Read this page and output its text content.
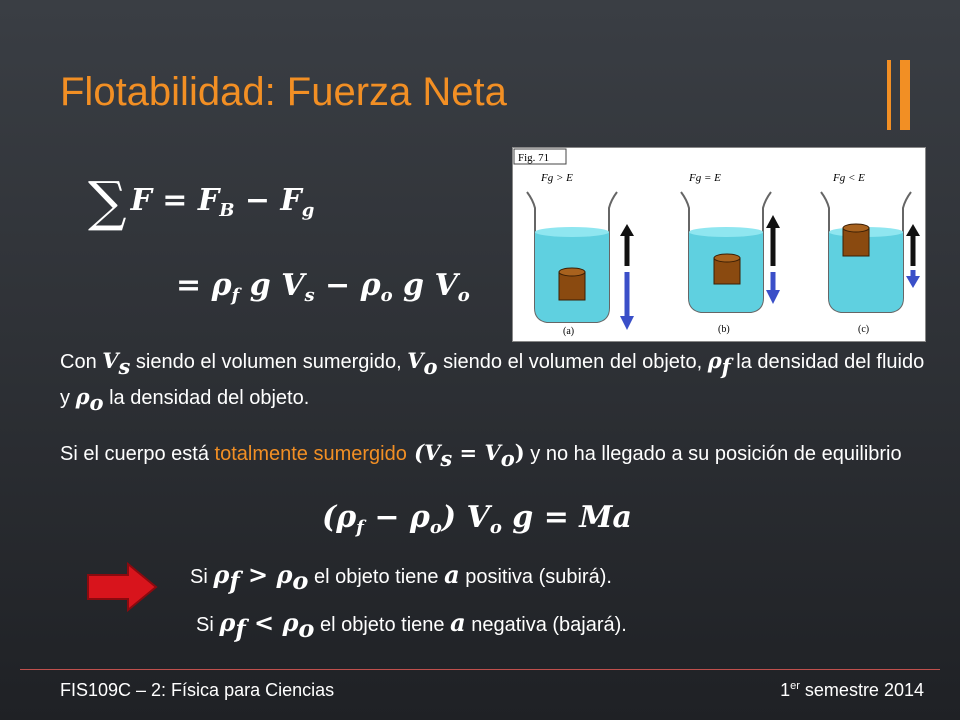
Flotabilidad: Fuerza Neta
∑ $F = F_B - F_g$
= $\rho_f$ g $V_s - \rho_o$ g $V_o$
Fig. 71
Fg > E
(a)
Fg = E
(b)
Fg < E
(c)
Con $V_s$ siendo el volumen sumergido, $V_o$ siendo el volumen del objeto, $\rho_f$ la densidad del fluido y $\rho_o$ la densidad del objeto.
Si el cuerpo está totalmente sumergido $(V_s = V_o)$ y no ha llegado a su posición de equilibrio
$(\rho_f - \rho_o)$ $V_o$ g = Ma
Si $\rho_f > \rho_o$ el objeto tiene a positiva (subirá).
Si $\rho_f < \rho_o$ el objeto tiene a negativa (bajará).
FIS109C – 2: Física para Ciencias	1er semestre 2014
